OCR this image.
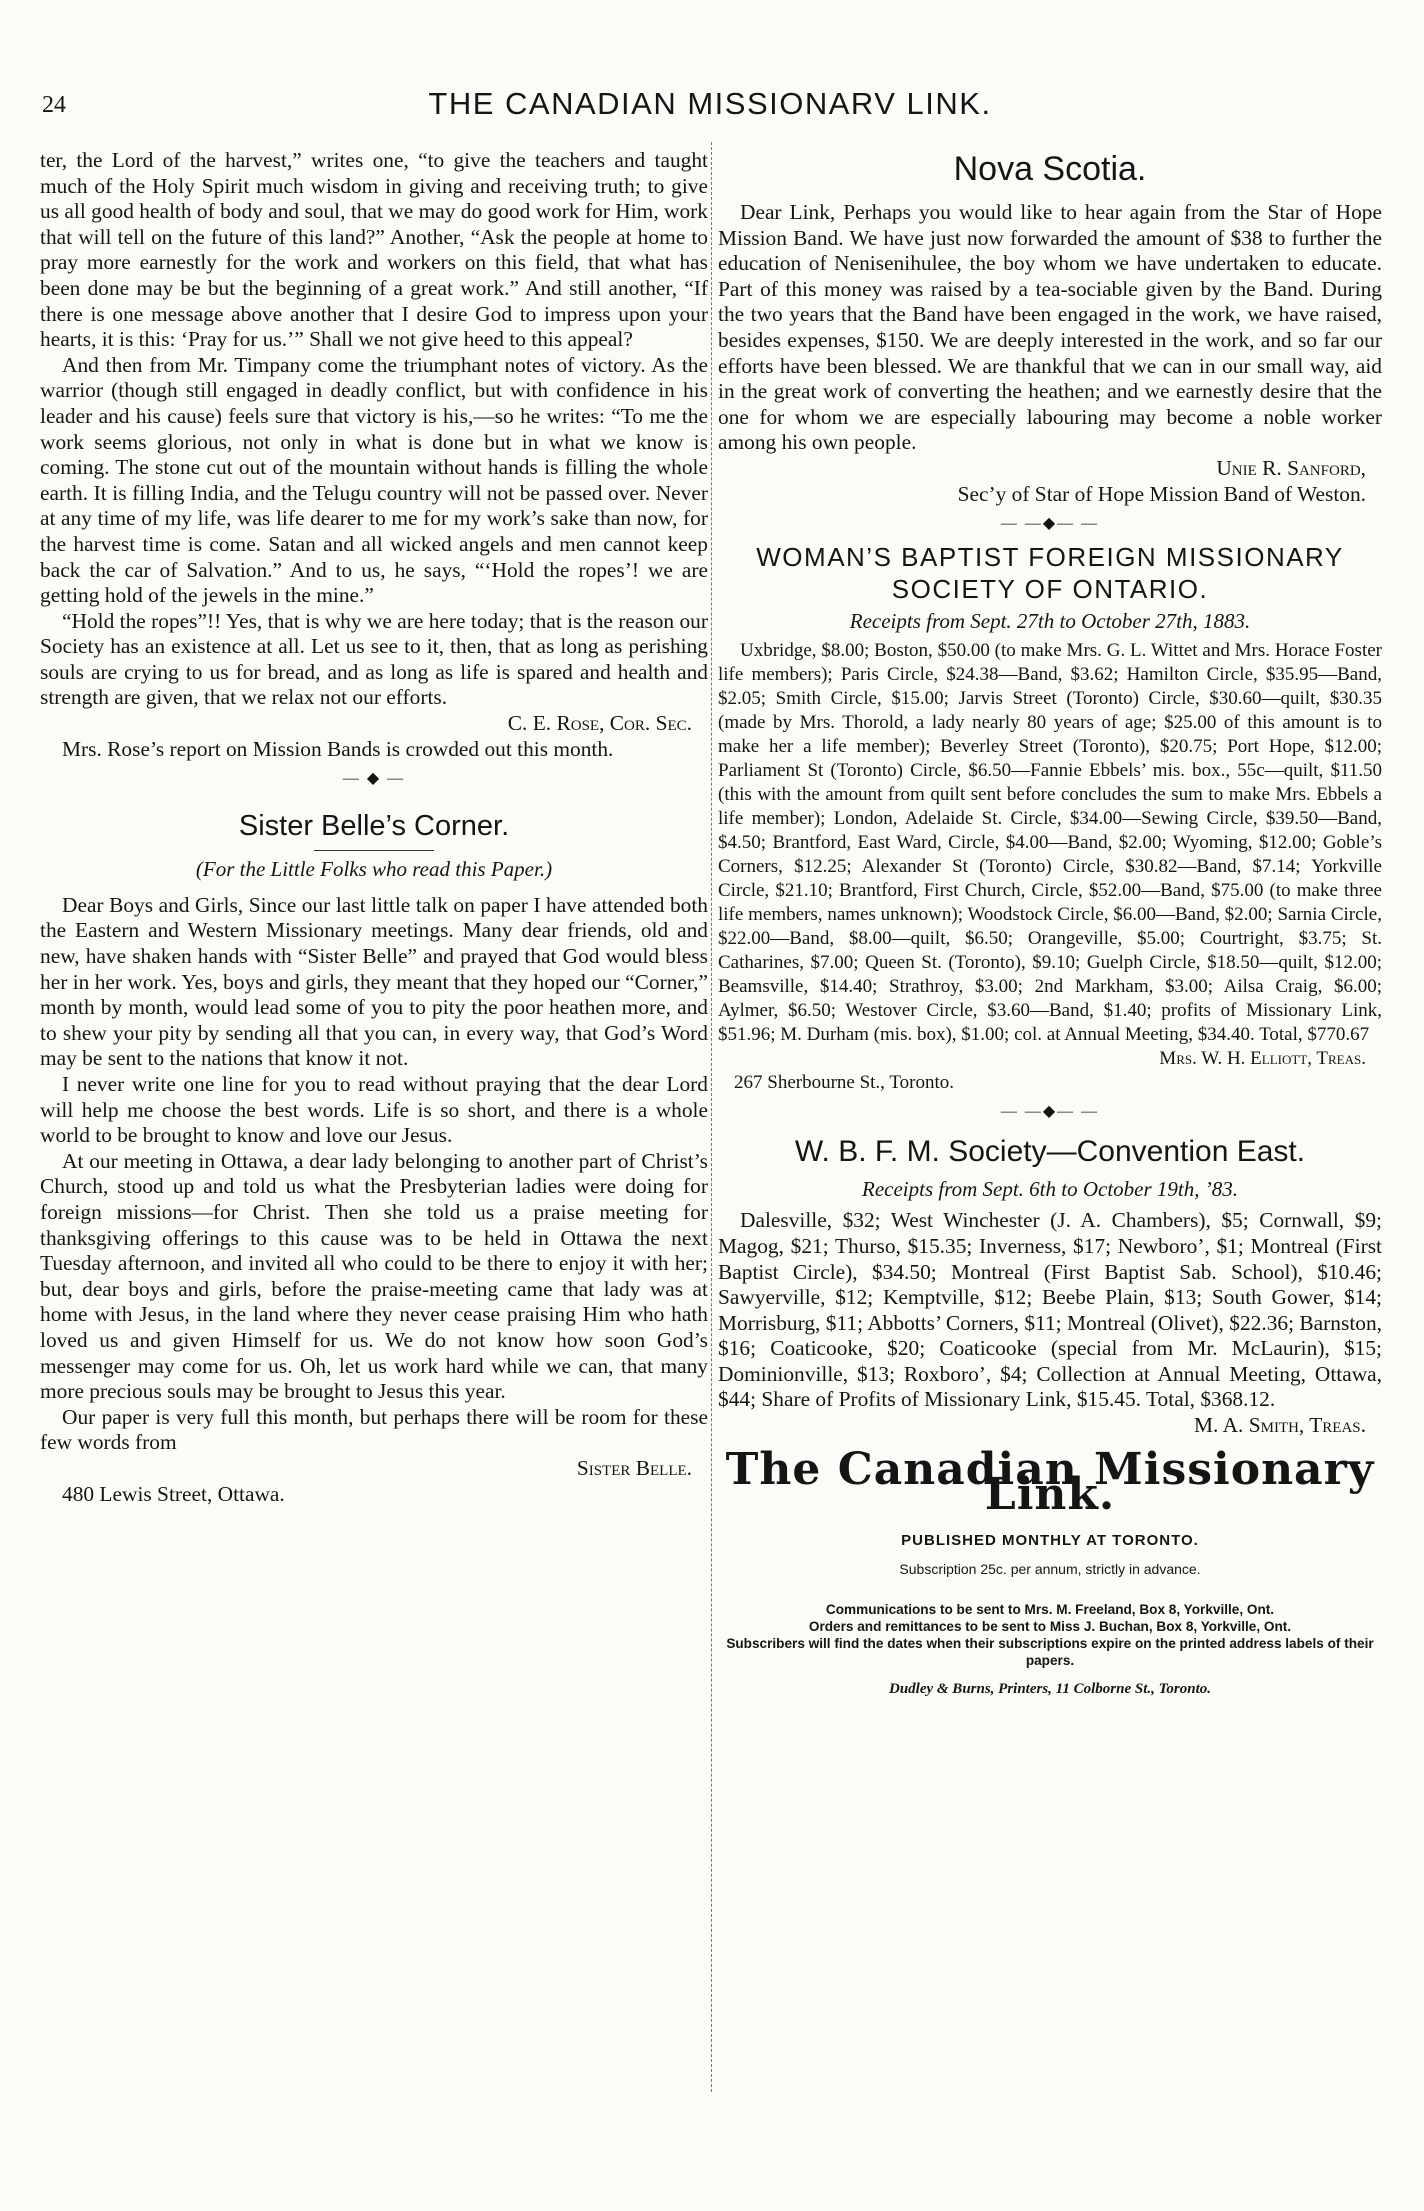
24	THE CANADIAN MISSIONARV LINK.

ter, the Lord of the harvest,” writes one, “to give the teachers and taught much of the Holy Spirit much wisdom in giving and receiving truth; to give us all good health of body and soul, that we may do good work for Him, work that will tell on the future of this land?” Another, “Ask the people at home to pray more earnestly for the work and workers on this field, that what has been done may be but the beginning of a great work.” And still another, “If there is one message above another that I desire God to impress upon your hearts, it is this: ‘Pray for us.’” Shall we not give heed to this appeal?

And then from Mr. Timpany come the triumphant notes of victory. As the warrior (though still engaged in deadly conflict, but with confidence in his leader and his cause) feels sure that victory is his,—so he writes: “To me the work seems glorious, not only in what is done but in what we know is coming. The stone cut out of the mountain without hands is filling the whole earth. It is filling India, and the Telugu country will not be passed over. Never at any time of my life, was life dearer to me for my work’s sake than now, for the harvest time is come. Satan and all wicked angels and men cannot keep back the car of Salvation.” And to us, he says, “‘Hold the ropes’! we are getting hold of the jewels in the mine.”

“Hold the ropes”!! Yes, that is why we are here today; that is the reason our Society has an existence at all. Let us see to it, then, that as long as perishing souls are crying to us for bread, and as long as life is spared and health and strength are given, that we relax not our efforts.

C. E. Rose, Cor. Sec.

Mrs. Rose’s report on Mission Bands is crowded out this month.

— ◆ —
Sister Belle’s Corner.
(For the Little Folks who read this Paper.)

Dear Boys and Girls, Since our last little talk on paper I have attended both the Eastern and Western Missionary meetings. Many dear friends, old and new, have shaken hands with “Sister Belle” and prayed that God would bless her in her work. Yes, boys and girls, they meant that they hoped our “Corner,” month by month, would lead some of you to pity the poor heathen more, and to shew your pity by sending all that you can, in every way, that God’s Word may be sent to the nations that know it not.

I never write one line for you to read without praying that the dear Lord will help me choose the best words. Life is so short, and there is a whole world to be brought to know and love our Jesus.

At our meeting in Ottawa, a dear lady belonging to another part of Christ’s Church, stood up and told us what the Presbyterian ladies were doing for foreign missions—for Christ. Then she told us a praise meeting for thanksgiving offerings to this cause was to be held in Ottawa the next Tuesday afternoon, and invited all who could to be there to enjoy it with her; but, dear boys and girls, before the praise-meeting came that lady was at home with Jesus, in the land where they never cease praising Him who hath loved us and given Himself for us. We do not know how soon God’s messenger may come for us. Oh, let us work hard while we can, that many more precious souls may be brought to Jesus this year.

Our paper is very full this month, but perhaps there will be room for these few words from

Sister Belle.

480 Lewis Street, Ottawa.

Nova Scotia.

Dear Link, Perhaps you would like to hear again from the Star of Hope Mission Band. We have just now forwarded the amount of $38 to further the education of Nenisenihulee, the boy whom we have undertaken to educate. Part of this money was raised by a tea-sociable given by the Band. During the two years that the Band have been engaged in the work, we have raised, besides expenses, $150. We are deeply interested in the work, and so far our efforts have been blessed. We are thankful that we can in our small way, aid in the great work of converting the heathen; and we earnestly desire that the one for whom we are especially labouring may become a noble worker among his own people.

Unie R. Sanford,

Sec’y of Star of Hope Mission Band of Weston.

— —◆— —
WOMAN’S BAPTIST FOREIGN MISSIONARY SOCIETY OF ONTARIO.
Receipts from Sept. 27th to October 27th, 1883.

Uxbridge, $8.00; Boston, $50.00 (to make Mrs. G. L. Wittet and Mrs. Horace Foster life members); Paris Circle, $24.38—Band, $3.62; Hamilton Circle, $35.95—Band, $2.05; Smith Circle, $15.00; Jarvis Street (Toronto) Circle, $30.60—quilt, $30.35 (made by Mrs. Thorold, a lady nearly 80 years of age; $25.00 of this amount is to make her a life member); Beverley Street (Toronto), $20.75; Port Hope, $12.00; Parliament St (Toronto) Circle, $6.50—Fannie Ebbels’ mis. box., 55c—quilt, $11.50 (this with the amount from quilt sent before concludes the sum to make Mrs. Ebbels a life member); London, Adelaide St. Circle, $34.00—Sewing Circle, $39.50—Band, $4.50; Brantford, East Ward, Circle, $4.00—Band, $2.00; Wyoming, $12.00; Goble’s Corners, $12.25; Alexander St (Toronto) Circle, $30.82—Band, $7.14; Yorkville Circle, $21.10; Brantford, First Church, Circle, $52.00—Band, $75.00 (to make three life members, names unknown); Woodstock Circle, $6.00—Band, $2.00; Sarnia Circle, $22.00—Band, $8.00—quilt, $6.50; Orangeville, $5.00; Courtright, $3.75; St. Catharines, $7.00; Queen St. (Toronto), $9.10; Guelph Circle, $18.50—quilt, $12.00; Beamsville, $14.40; Strathroy, $3.00; 2nd Markham, $3.00; Ailsa Craig, $6.00; Aylmer, $6.50; Westover Circle, $3.60—Band, $1.40; profits of Missionary Link, $51.96; M. Durham (mis. box), $1.00; col. at Annual Meeting, $34.40. Total, $770.67

Mrs. W. H. Elliott, Treas.

267 Sherbourne St., Toronto.

— —◆— —
W. B. F. M. Society—Convention East.
Receipts from Sept. 6th to October 19th, ’83.

Dalesville, $32; West Winchester (J. A. Chambers), $5; Cornwall, $9; Magog, $21; Thurso, $15.35; Inverness, $17; Newboro’, $1; Montreal (First Baptist Circle), $34.50; Montreal (First Baptist Sab. School), $10.46; Sawyerville, $12; Kemptville, $12; Beebe Plain, $13; South Gower, $14; Morrisburg, $11; Abbotts’ Corners, $11; Montreal (Olivet), $22.36; Barnston, $16; Coaticooke, $20; Coaticooke (special from Mr. McLaurin), $15; Dominionville, $13; Roxboro’, $4; Collection at Annual Meeting, Ottawa, $44; Share of Profits of Missionary Link, $15.45. Total, $368.12.

M. A. Smith, Treas.

The Canadian Missionary Link.
PUBLISHED MONTHLY AT TORONTO.
Subscription 25c. per annum, strictly in advance.
Communications to be sent to Mrs. M. Freeland, Box 8, Yorkville, Ont.
Orders and remittances to be sent to Miss J. Buchan, Box 8, Yorkville, Ont.
Subscribers will find the dates when their subscriptions expire on the printed address labels of their papers.
Dudley & Burns, Printers, 11 Colborne St., Toronto.
